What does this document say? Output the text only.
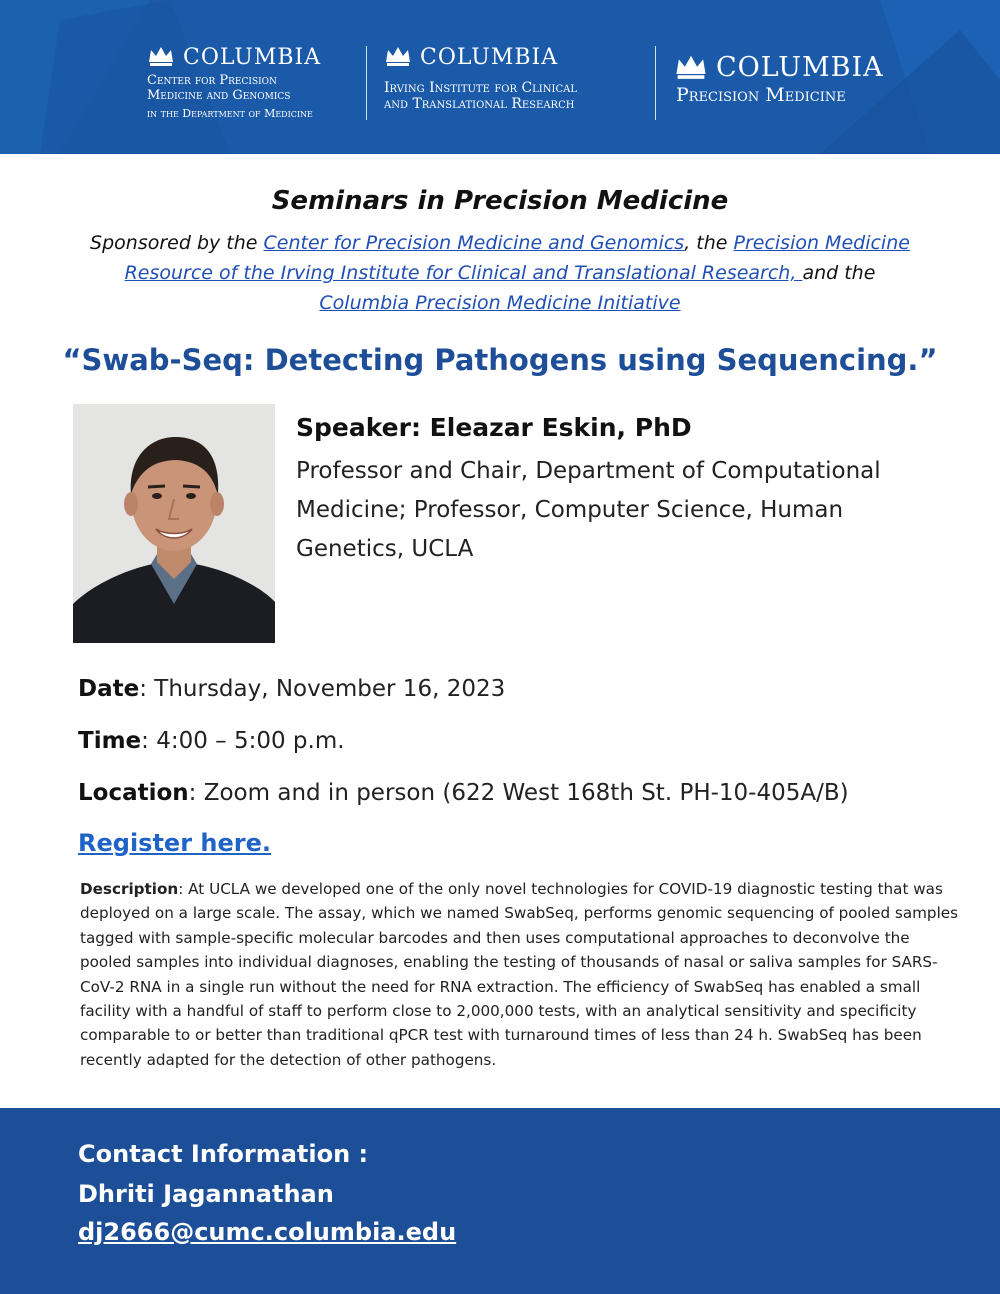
COLUMBIA
Center for Precision
Medicine and Genomics
in the Department of Medicine
COLUMBIA
Irving Institute for Clinical
and Translational Research
COLUMBIA
Precision Medicine
Seminars in Precision Medicine
Sponsored by the Center for Precision Medicine and Genomics, the Precision Medicine Resource of the Irving Institute for Clinical and Translational Research, and the Columbia Precision Medicine Initiative
“Swab-Seq: Detecting Pathogens using Sequencing.”
Speaker: Eleazar Eskin, PhD
Professor and Chair, Department of Computational Medicine; Professor, Computer Science, Human Genetics, UCLA
Date: Thursday, November 16, 2023
Time: 4:00 – 5:00 p.m.
Location: Zoom and in person (622 West 168th St. PH-10-405A/B)
Register here.
Description: At UCLA we developed one of the only novel technologies for COVID-19 diagnostic testing that was deployed on a large scale. The assay, which we named SwabSeq, performs genomic sequencing of pooled samples tagged with sample-specific molecular barcodes and then uses computational approaches to deconvolve the pooled samples into individual diagnoses, enabling the testing of thousands of nasal or saliva samples for SARS-CoV-2 RNA in a single run without the need for RNA extraction. The efficiency of SwabSeq has enabled a small facility with a handful of staff to perform close to 2,000,000 tests, with an analytical sensitivity and specificity comparable to or better than traditional qPCR test with turnaround times of less than 24 h. SwabSeq has been recently adapted for the detection of other pathogens.
Contact Information :
Dhriti Jagannathan
dj2666@cumc.columbia.edu
